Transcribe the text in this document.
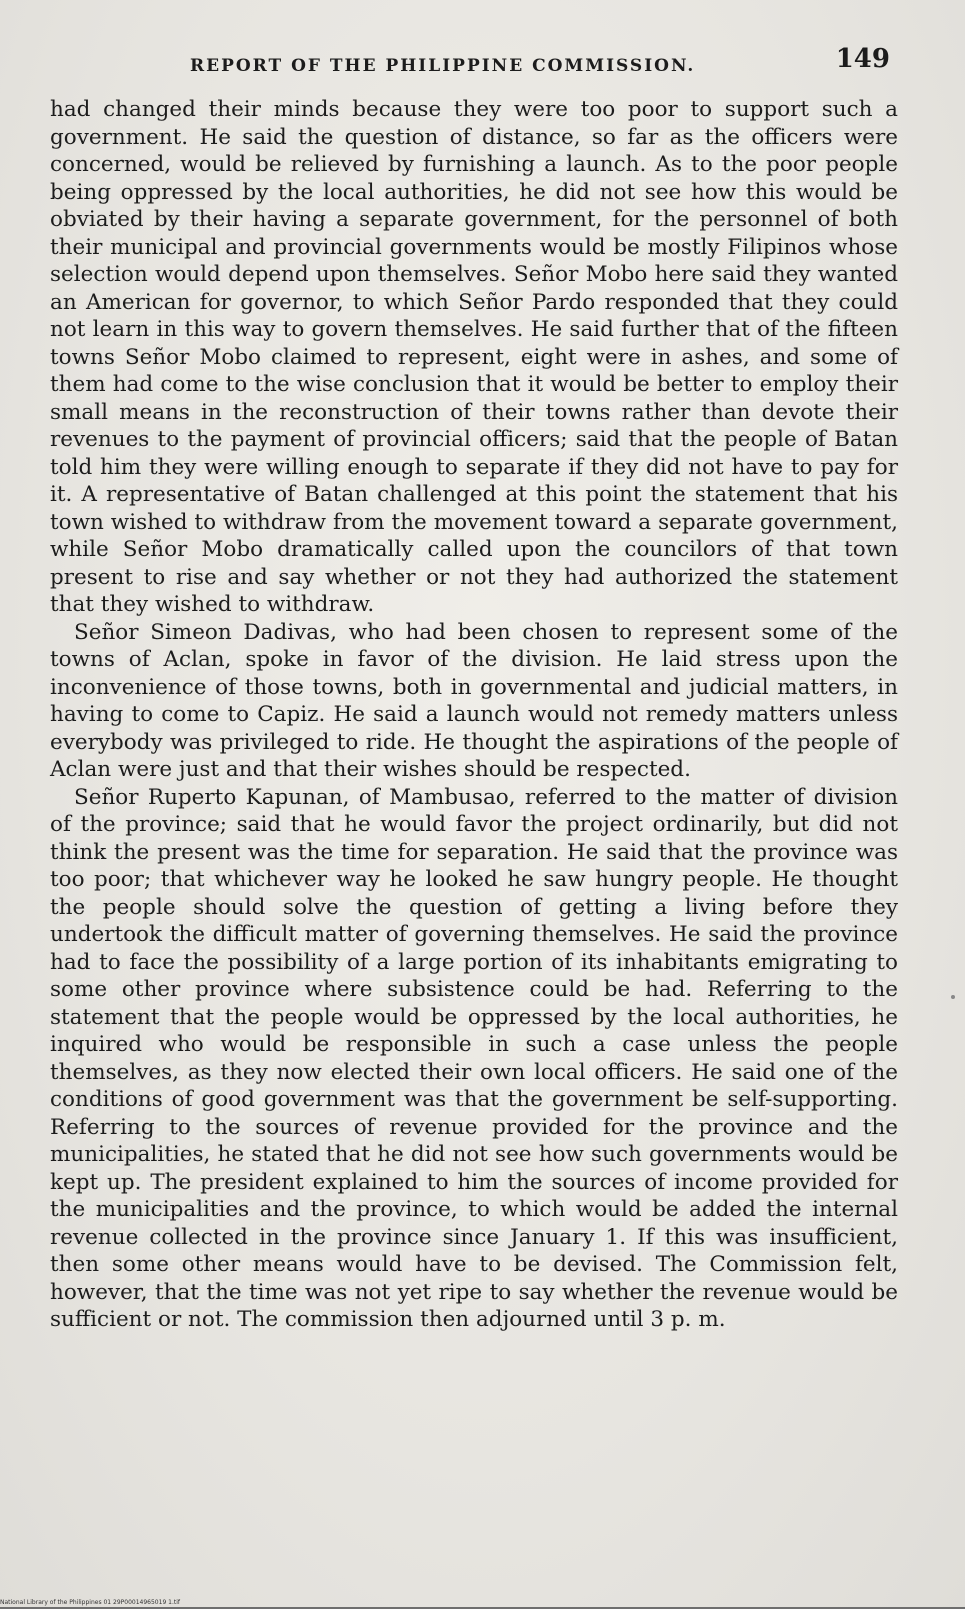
REPORT OF THE PHILIPPINE COMMISSION.	149

had changed their minds because they were too poor to support such a government. He said the question of distance, so far as the officers were concerned, would be relieved by furnishing a launch. As to the poor people being oppressed by the local authorities, he did not see how this would be obviated by their having a separate government, for the personnel of both their municipal and provincial governments would be mostly Filipinos whose selection would depend upon themselves. Señor Mobo here said they wanted an American for governor, to which Señor Pardo responded that they could not learn in this way to govern themselves. He said further that of the fifteen towns Señor Mobo claimed to represent, eight were in ashes, and some of them had come to the wise conclusion that it would be better to employ their small means in the reconstruction of their towns rather than devote their revenues to the payment of provincial officers; said that the people of Batan told him they were willing enough to separate if they did not have to pay for it. A representative of Batan challenged at this point the statement that his town wished to withdraw from the movement toward a separate government, while Señor Mobo dramatically called upon the councilors of that town present to rise and say whether or not they had authorized the statement that they wished to withdraw.

Señor Simeon Dadivas, who had been chosen to represent some of the towns of Aclan, spoke in favor of the division. He laid stress upon the inconvenience of those towns, both in governmental and judicial matters, in having to come to Capiz. He said a launch would not remedy matters unless everybody was privileged to ride. He thought the aspirations of the people of Aclan were just and that their wishes should be respected.

Señor Ruperto Kapunan, of Mambusao, referred to the matter of division of the province; said that he would favor the project ordinarily, but did not think the present was the time for separation. He said that the province was too poor; that whichever way he looked he saw hungry people. He thought the people should solve the question of getting a living before they undertook the difficult matter of governing themselves. He said the province had to face the possibility of a large portion of its inhabitants emigrating to some other province where subsistence could be had. Referring to the statement that the people would be oppressed by the local authorities, he inquired who would be responsible in such a case unless the people themselves, as they now elected their own local officers. He said one of the conditions of good government was that the government be self-supporting. Referring to the sources of revenue provided for the province and the municipalities, he stated that he did not see how such governments would be kept up. The president explained to him the sources of income provided for the municipalities and the province, to which would be added the internal revenue collected in the province since January 1. If this was insufficient, then some other means would have to be devised. The Commission felt, however, that the time was not yet ripe to say whether the revenue would be sufficient or not. The commission then adjourned until 3 p. m.

National Library of the Philippines 01 29P00014965019 1.tif
